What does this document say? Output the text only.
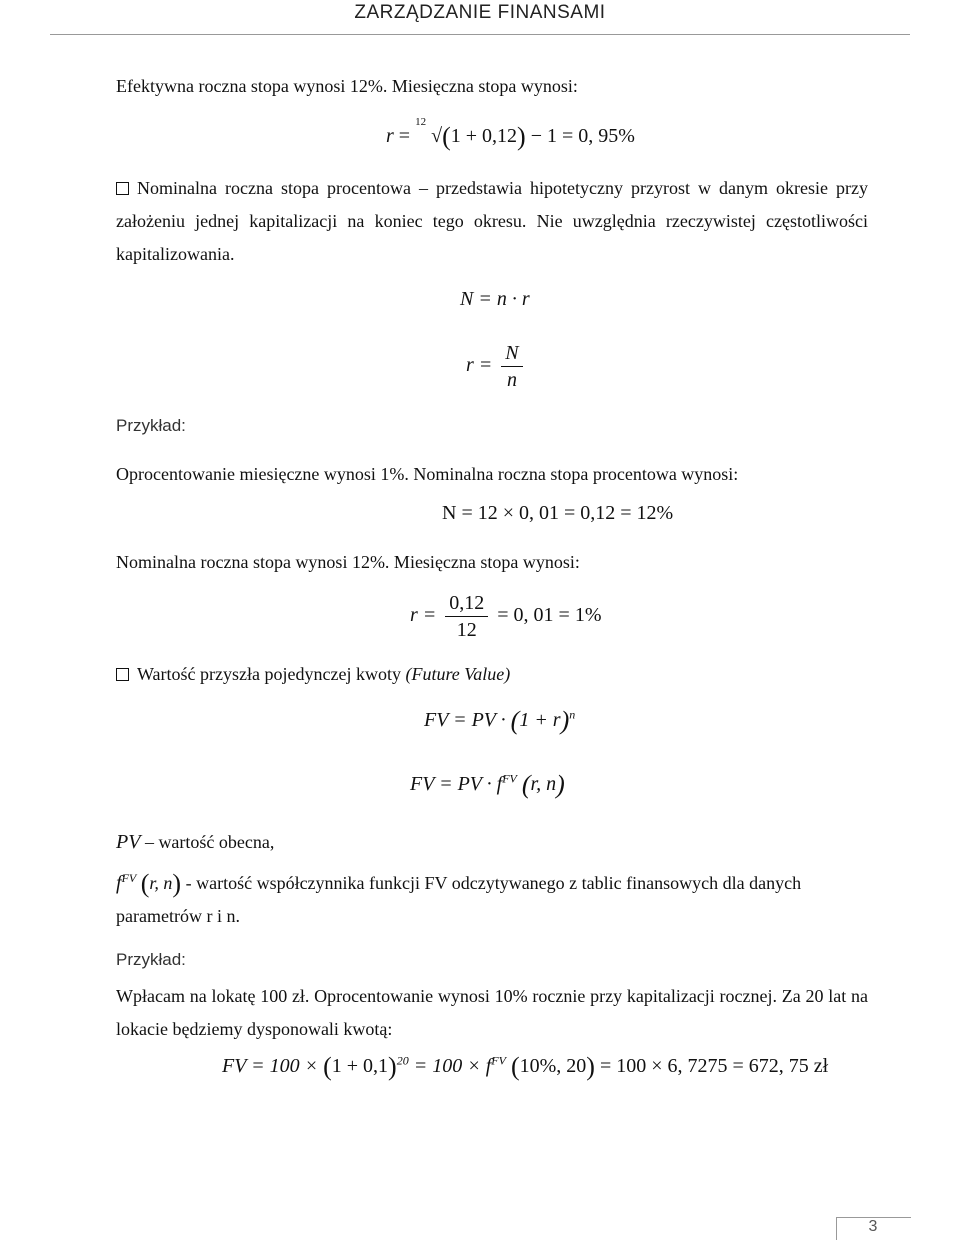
ZARZĄDZANIE FINANSAMI
Efektywna roczna stopa wynosi 12%. Miesięczna stopa wynosi:
r =
12
√(1 + 0,12) − 1 = 0, 95%
Nominalna roczna stopa procentowa – przedstawia hipotetyczny przyrost w danym okresie przy założeniu jednej kapitalizacji na koniec tego okresu. Nie uwzględnia rzeczywistej częstotliwości kapitalizowania.
N = n · r
$r = \frac{N}{n}$
Przykład:
Oprocentowanie miesięczne wynosi 1%. Nominalna roczna stopa procentowa wynosi:
N = 12 × 0, 01 = 0,12 = 12%
Nominalna roczna stopa wynosi 12%. Miesięczna stopa wynosi:
$r = \frac{0,12}{12} = 0$, 01 = 1%
Wartość przyszła pojedynczej kwoty (Future Value)
FV = PV · $(1 + r)^n$
FV = PV · $f^{FV}$ (r, n)
PV – wartość obecna,
$f^{FV}$ (r, n) - wartość współczynnika funkcji FV odczytywanego z tablic finansowych dla danych
parametrów r i n.
Przykład:
Wpłacam na lokatę 100 zł. Oprocentowanie wynosi 10% rocznie przy kapitalizacji rocznej. Za 20 lat na lokacie będziemy dysponowali kwotą:
FV = $100 \times (1 + 0,1)^{20} = 100 \times f^{FV}$ (10%, 20) = 100 × 6, 7275 = 672, 75 zł
3
